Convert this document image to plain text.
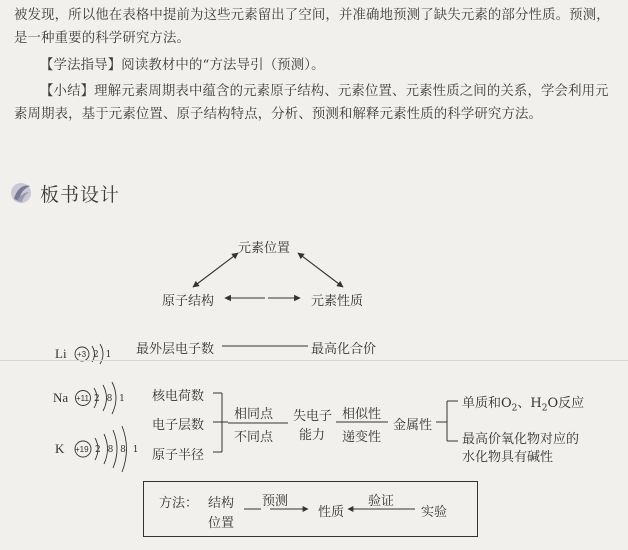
被发现，所以他在表格中提前为这些元素留出了空间，并准确地预测了缺失元素的部分性质。预测，是一种重要的科学研究方法。

【学法指导】阅读教材中的“方法导引（预测）。

【小结】理解元素周期表中蕴含的元素原子结构、元素位置、元素性质之间的关系，学会利用元素周期表，基于元素位置、原子结构特点，分析、预测和解释元素性质的科学研究方法。

板书设计
元素位置
原子结构	元素性质
Li +3 2 1
Na +11 2 8 1
K +19 2 8 8 1
最外层电子数	最高化合价
核电荷数
电子层数
原子半径
相同点
不同点
失电子
能力
相似性
递变性
金属性
单质和$O_2$、$H_2O$反应
最高价氧化物对应的
水化物具有碱性
方法： 结构
位置
预测
性质
验证
实验
